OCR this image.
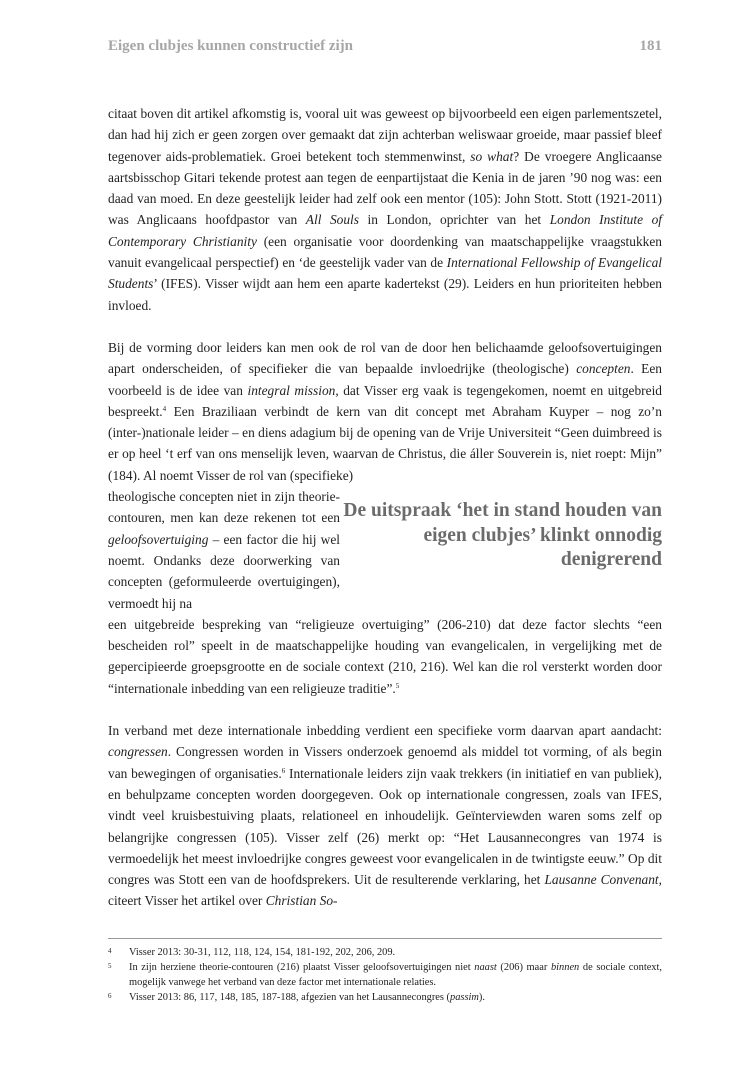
Eigen clubjes kunnen constructief zijn	181

citaat boven dit artikel afkomstig is, vooral uit was geweest op bijvoorbeeld een eigen parlementszetel, dan had hij zich er geen zorgen over gemaakt dat zijn achterban weliswaar groeide, maar passief bleef tegenover aids-problematiek. Groei betekent toch stemmenwinst, so what? De vroegere Anglicaanse aartsbisschop Gitari tekende protest aan tegen de eenpartijstaat die Kenia in de jaren ’90 nog was: een daad van moed. En deze geestelijk leider had zelf ook een mentor (105): John Stott. Stott (1921-2011) was Anglicaans hoofdpastor van All Souls in London, oprichter van het London Institute of Contemporary Christianity (een organisatie voor doordenking van maatschappelijke vraagstukken vanuit evangelicaal perspectief) en ‘de geestelijk vader van de International Fellowship of Evangelical Students’ (IFES). Visser wijdt aan hem een aparte kadertekst (29). Leiders en hun prioriteiten hebben invloed.

Bij de vorming door leiders kan men ook de rol van de door hen belichaamde geloofsovertuigingen apart onderscheiden, of specifieker die van bepaalde invloedrijke (theologische) concepten. Een voorbeeld is de idee van integral mission, dat Visser erg vaak is tegengekomen, noemt en uitgebreid bespreekt.$^4$ Een Braziliaan verbindt de kern van dit concept met Abraham Kuyper – nog zo’n (inter-)nationale leider – en diens adagium bij de opening van de Vrije Universiteit “Geen duimbreed is er op heel ‘t erf van ons menselijk leven, waarvan de Christus, die áller Souverein is, niet roept: Mijn” (184). Al noemt Visser de rol van (specifieke)

theologische concepten niet in zijn theorie-contouren, men kan deze rekenen tot een geloofsovertuiging – een factor die hij wel noemt. Ondanks deze doorwerking van concepten (geformuleerde overtuigingen), vermoedt hij na
De uitspraak ‘het in stand houden van eigen clubjes’ klinkt onnodig denigrerend

een uitgebreide bespreking van “religieuze overtuiging” (206-210) dat deze factor slechts “een bescheiden rol” speelt in de maatschappelijke houding van evangelicalen, in vergelijking met de gepercipieerde groepsgrootte en de sociale context (210, 216). Wel kan die rol versterkt worden door “internationale inbedding van een religieuze traditie”.$^5$

In verband met deze internationale inbedding verdient een specifieke vorm daarvan apart aandacht: congressen. Congressen worden in Vissers onderzoek genoemd als middel tot vorming, of als begin van bewegingen of organisaties.$^6$ Internationale leiders zijn vaak trekkers (in initiatief en van publiek), en behulpzame concepten worden doorgegeven. Ook op internationale congressen, zoals van IFES, vindt veel kruisbestuiving plaats, relationeel en inhoudelijk. Geïnterviewden waren soms zelf op belangrijke congressen (105). Visser zelf (26) merkt op: “Het Lausannecongres van 1974 is vermoedelijk het meest invloedrijke congres geweest voor evangelicalen in de twintigste eeuw.” Op dit congres was Stott een van de hoofdsprekers. Uit de resulterende verklaring, het Lausanne Convenant, citeert Visser het artikel over Christian So-

4	Visser 2013: 30-31, 112, 118, 124, 154, 181-192, 202, 206, 209.
5	In zijn herziene theorie-contouren (216) plaatst Visser geloofsovertuigingen niet naast (206) maar binnen de sociale context, mogelijk vanwege het verband van deze factor met internationale relaties.
6	Visser 2013: 86, 117, 148, 185, 187-188, afgezien van het Lausannecongres (passim).
